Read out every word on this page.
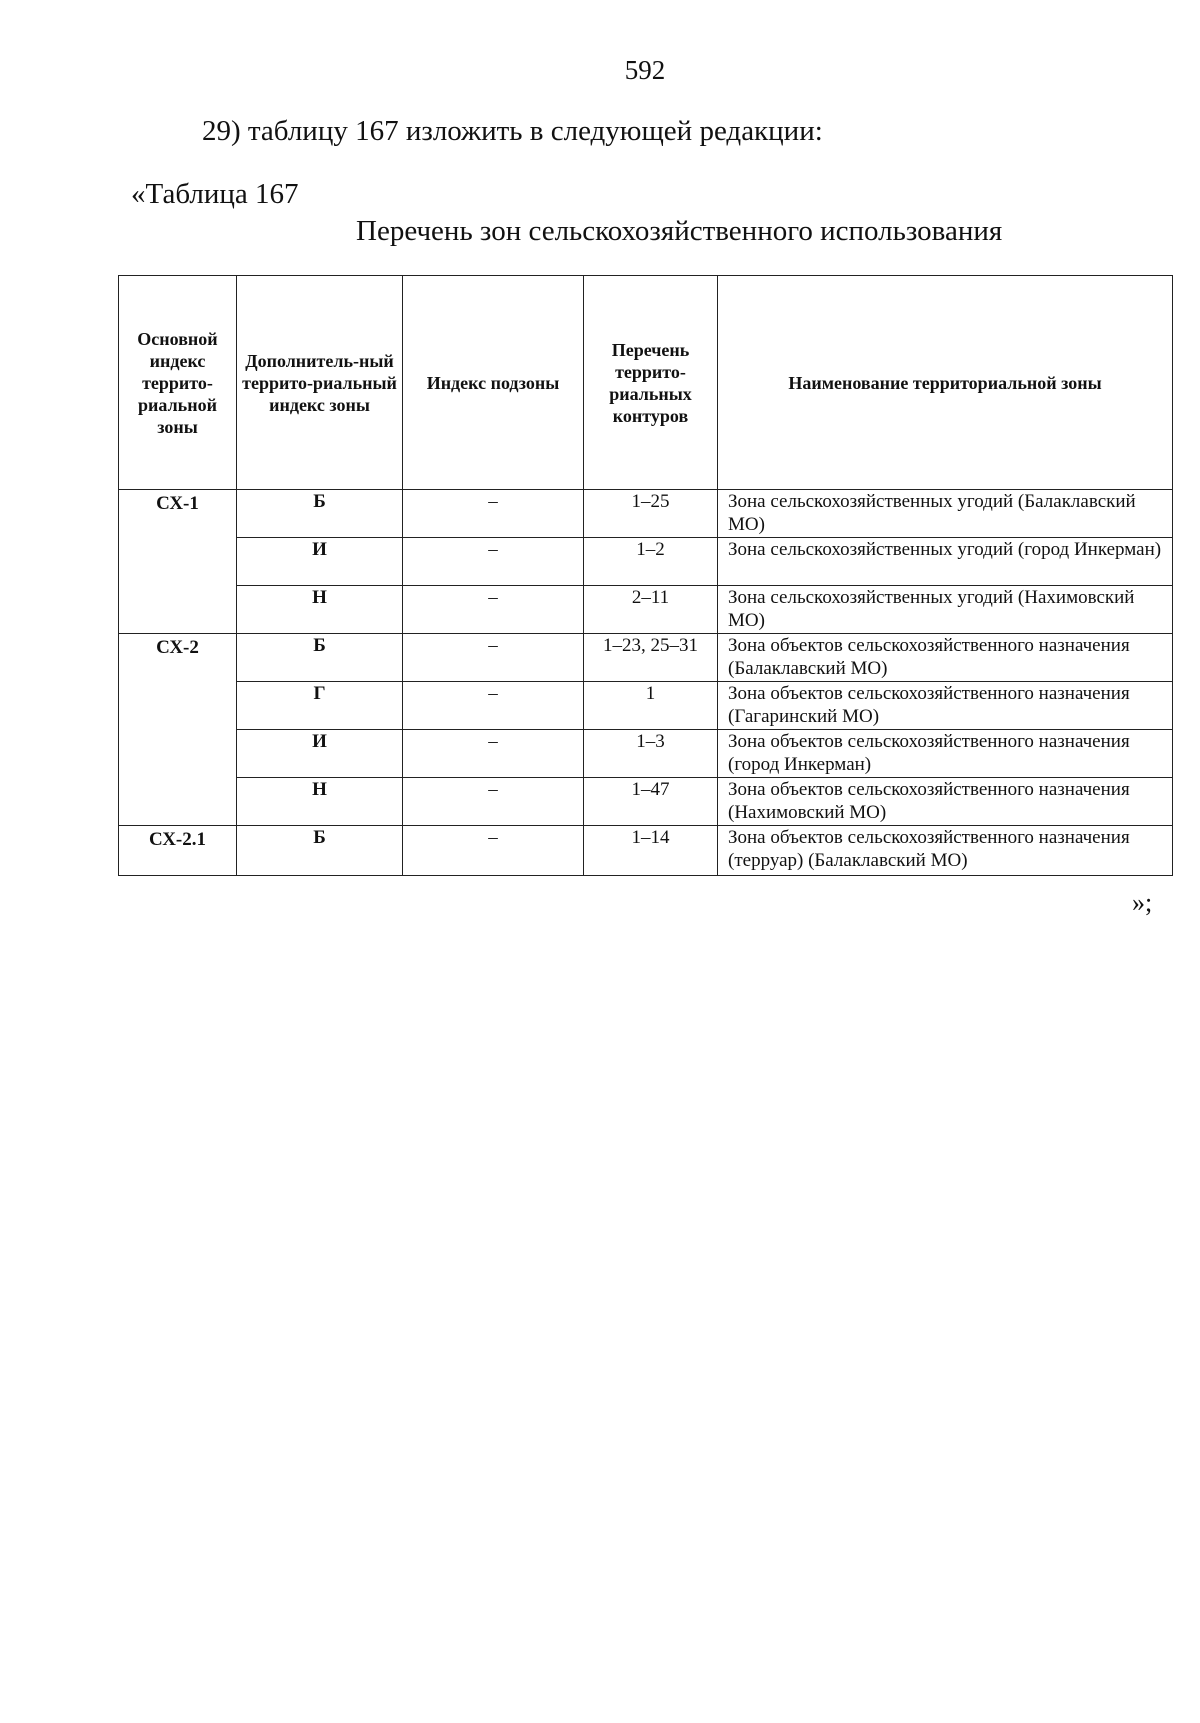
592
29) таблицу 167 изложить в следующей редакции:
«Таблица 167
Перечень зон сельскохозяйственного использования
Основной индекс террито-риальной зоны	Дополнитель-ный террито-риальный индекс зоны	Индекс подзоны	Перечень террито-риальных контуров	Наименование территориальной зоны
СХ-1	Б	–	1–25	Зона сельскохозяйственных угодий (Балаклавский МО)
	И	–	1–2	Зона сельскохозяйственных угодий (город Инкерман)
	Н	–	2–11	Зона сельскохозяйственных угодий (Нахимовский МО)
СХ-2	Б	–	1–23, 25–31	Зона объектов сельскохозяйственного назначения (Балаклавский МО)
	Г	–	1	Зона объектов сельскохозяйственного назначения (Гагаринский МО)
	И	–	1–3	Зона объектов сельскохозяйственного назначения (город Инкерман)
	Н	–	1–47	Зона объектов сельскохозяйственного назначения (Нахимовский МО)
СХ-2.1	Б	–	1–14	Зона объектов сельскохозяйственного назначения (терруар) (Балаклавский МО)
»;
